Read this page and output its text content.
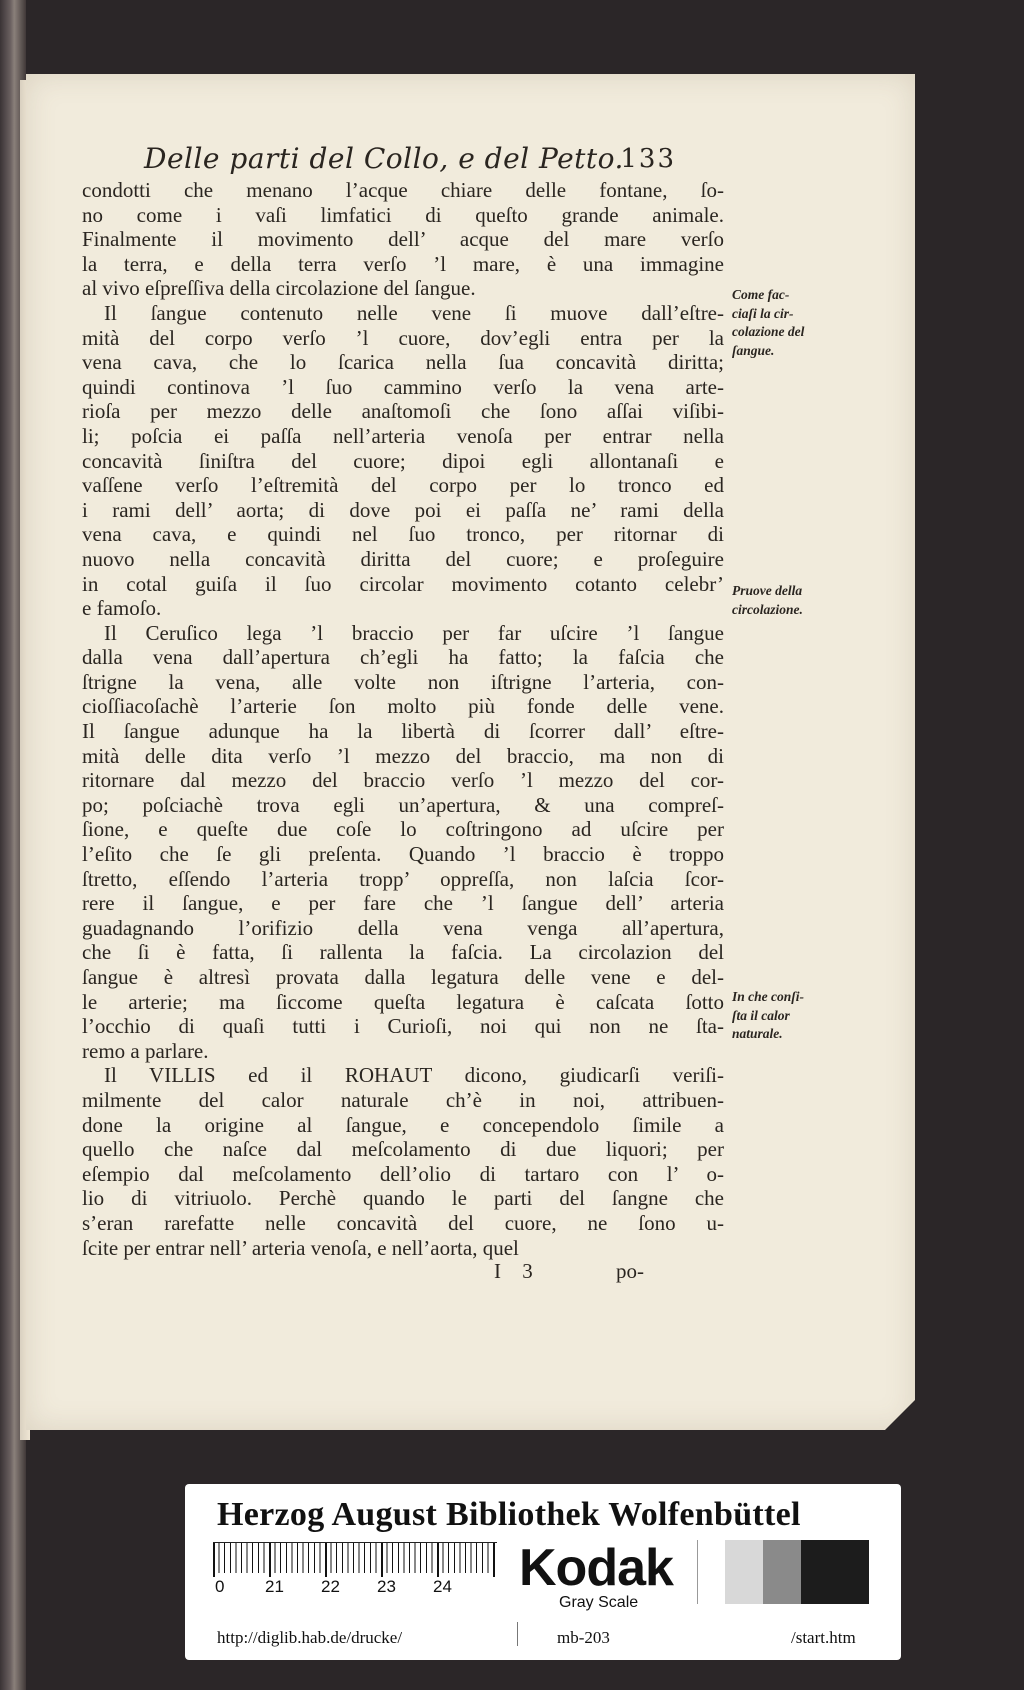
Delle parti del Collo, e del Petto.
133
condotti che menano l’acque chiare delle fontane, ſo-
no come i vaſi limfatici di queſto grande animale.
Finalmente il movimento dell’ acque del mare verſo
la terra, e della terra verſo ’l mare, è una immagine
al vivo eſpreſſiva della circolazione del ſangue.
Il ſangue contenuto nelle vene ſi muove dall’eſtre-
mità del corpo verſo ’l cuore, dov’egli entra per la
vena cava, che lo ſcarica nella ſua concavità diritta;
quindi continova ’l ſuo cammino verſo la vena arte-
rioſa per mezzo delle anaſtomoſi che ſono aſſai viſibi-
li; poſcia ei paſſa nell’arteria venoſa per entrar nella
concavità ſiniſtra del cuore; dipoi egli allontanaſi e
vaſſene verſo l’eſtremità del corpo per lo tronco ed
i rami dell’ aorta; di dove poi ei paſſa ne’ rami della
vena cava, e quindi nel ſuo tronco, per ritornar di
nuovo nella concavità diritta del cuore; e proſeguire
in cotal guiſa il ſuo circolar movimento cotanto celebr’
e famoſo.
Il Ceruſico lega ’l braccio per far uſcire ’l ſangue
dalla vena dall’apertura ch’egli ha fatto; la faſcia che
ſtrigne la vena, alle volte non iſtrigne l’arteria, con-
cioſſiacoſachè l’arterie ſon molto più fonde delle vene.
Il ſangue adunque ha la libertà di ſcorrer dall’ eſtre-
mità delle dita verſo ’l mezzo del braccio, ma non di
ritornare dal mezzo del braccio verſo ’l mezzo del cor-
po; poſciachè trova egli un’apertura, & una compreſ-
ſione, e queſte due coſe lo coſtringono ad uſcire per
l’eſito che ſe gli preſenta. Quando ’l braccio è troppo
ſtretto, eſſendo l’arteria tropp’ oppreſſa, non laſcia ſcor-
rere il ſangue, e per fare che ’l ſangue dell’ arteria
guadagnando l’orifizio della vena venga all’apertura,
che ſi è fatta, ſi rallenta la faſcia. La circolazion del
ſangue è altresì provata dalla legatura delle vene e del-
le arterie; ma ſiccome queſta legatura è caſcata ſotto
l’occhio di quaſi tutti i Curioſi, noi qui non ne ſta-
remo a parlare.
Il VILLIS ed il ROHAUT dicono, giudicarſi veriſi-
milmente del calor naturale ch’è in noi, attribuen-
done la origine al ſangue, e concependolo ſimile a
quello che naſce dal meſcolamento di due liquori; per
eſempio dal meſcolamento dell’olio di tartaro con l’ o-
lio di vitriuolo. Perchè quando le parti del ſangne che
s’eran rarefatte nelle concavità del cuore, ne ſono u-
ſcite per entrar nell’ arteria venoſa, e nell’aorta, quel
Come fac-
ciaſi la cir-
colazione del
ſangue.
Pruove della
circolazione.
In che conſi-
ſta il calor
naturale.
I 3	po-
Herzog August Bibliothek Wolfenbüttel
0 21 22 23 24 Kodak
Gray Scale
http://diglib.hab.de/drucke/	mb-203	/start.htm
